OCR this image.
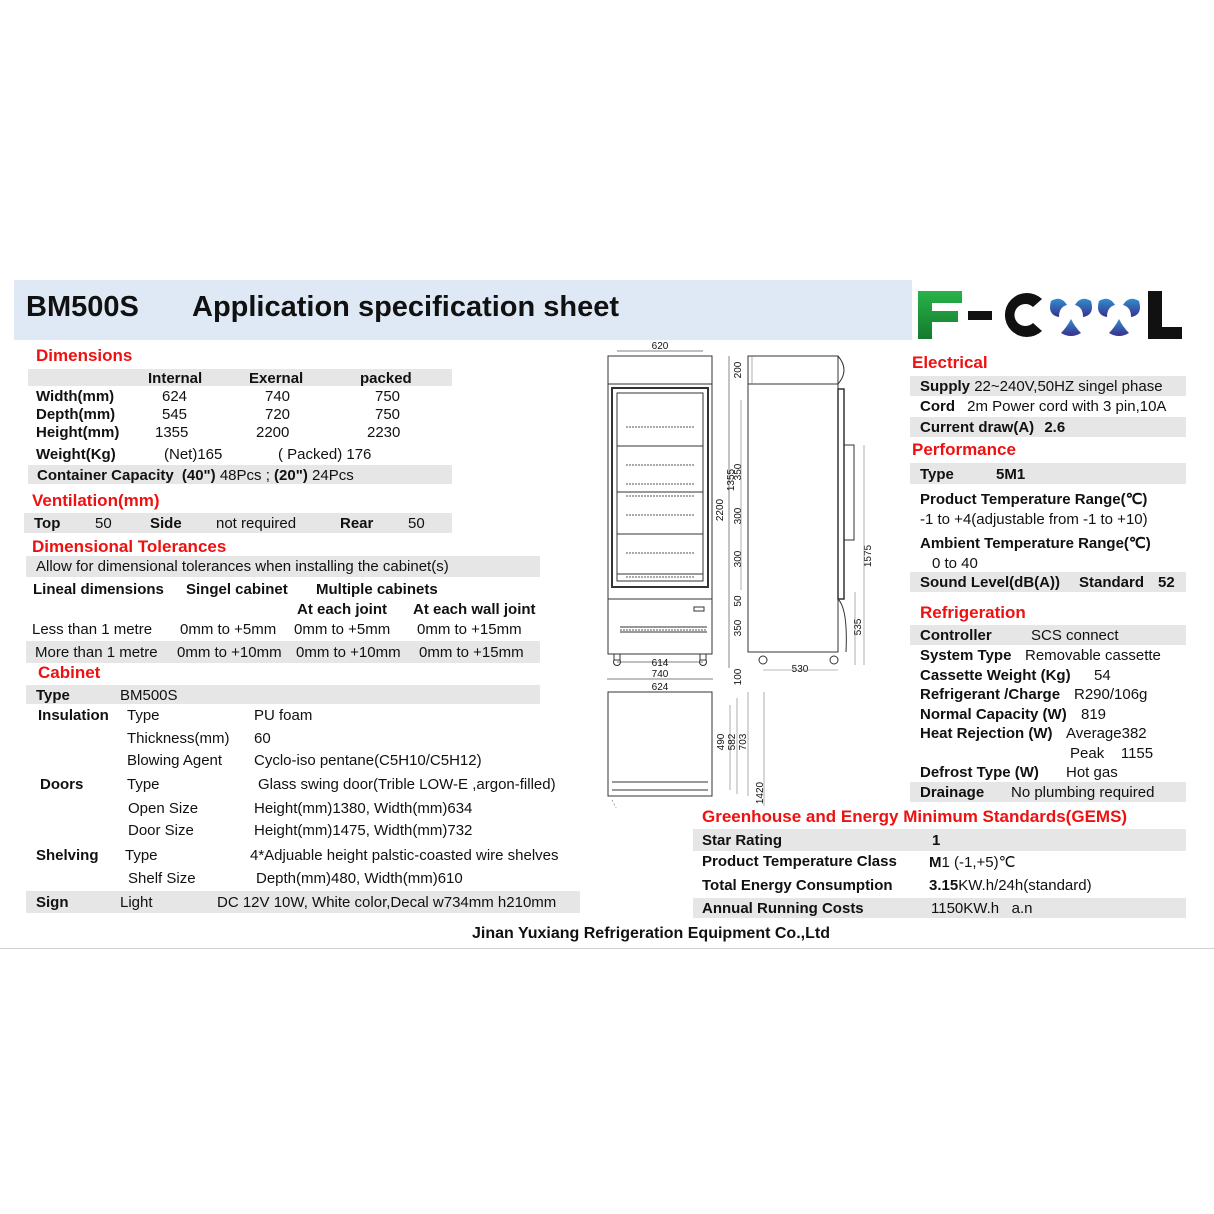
BM500S Application specification sheet
Dimensions
Internal	Exernal	packed
Width(mm)	624	740	750
Depth(mm)	545	720	750
Height(mm) 1355	2200	2230
Weight(Kg)	(Net)165	( Packed) 176
Container Capacity (40") 48Pcs ; (20") 24Pcs
Ventilation(mm)
Top 50	Side not required	Rear 50
Dimensional Tolerances
Allow for dimensional tolerances when installing the cabinet(s)
Lineal dimensions Singel cabinet Multiple cabinets
At each joint At each wall joint
Less than 1 metre 0mm to +5mm 0mm to +5mm 0mm to +15mm
More than 1 metre 0mm to +10mm 0mm to +10mm 0mm to +15mm
Cabinet
Type	BM500S
Insulation Type	PU foam
Thickness(mm) 60
Blowing Agent Cyclo-iso pentane(C5H10/C5H12)
Doors	Type	Glass swing door(Trible LOW-E ,argon-filled)
Open Size	Height(mm)1380, Width(mm)634
Door Size	Height(mm)1475, Width(mm)732
Shelving Type	4*Adjuable height palstic-coasted wire shelves
Shelf Size	Depth(mm)480, Width(mm)610
Sign	Light	DC 12V 10W, White color,Decal w734mm h210mm
620
614
740
624
2200
1355
200
350
300
300
50
350
100
1575
535
530
490 582 703
1420
Electrical
Supply 22~240V,50HZ singel phase
Cord 2m Power cord with 3 pin,10A
Current draw(A) 2.6
Performance
Type	5M1
Product Temperature Range(℃)
-1 to +4(adjustable from -1 to +10)
Ambient Temperature Range(℃)
0 to 40
Sound Level(dB(A)) Standard 52
Refrigeration
Controller	SCS connect
System Type Removable cassette
Cassette Weight (Kg) 54
Refrigerant /Charge R290/106g
Normal Capacity (W) 819
Heat Rejection (W) Average382
Peak    1155
Defrost Type (W) Hot gas
Drainage No plumbing required
Greenhouse and Energy Minimum Standards(GEMS)
Star Rating	1
Product Temperature Class M1 (-1,+5)℃
Total Energy Consumption 3.15KW.h/24h(standard)
Annual Running Costs	1150KW.h   a.n
Jinan Yuxiang Refrigeration Equipment Co.,Ltd
